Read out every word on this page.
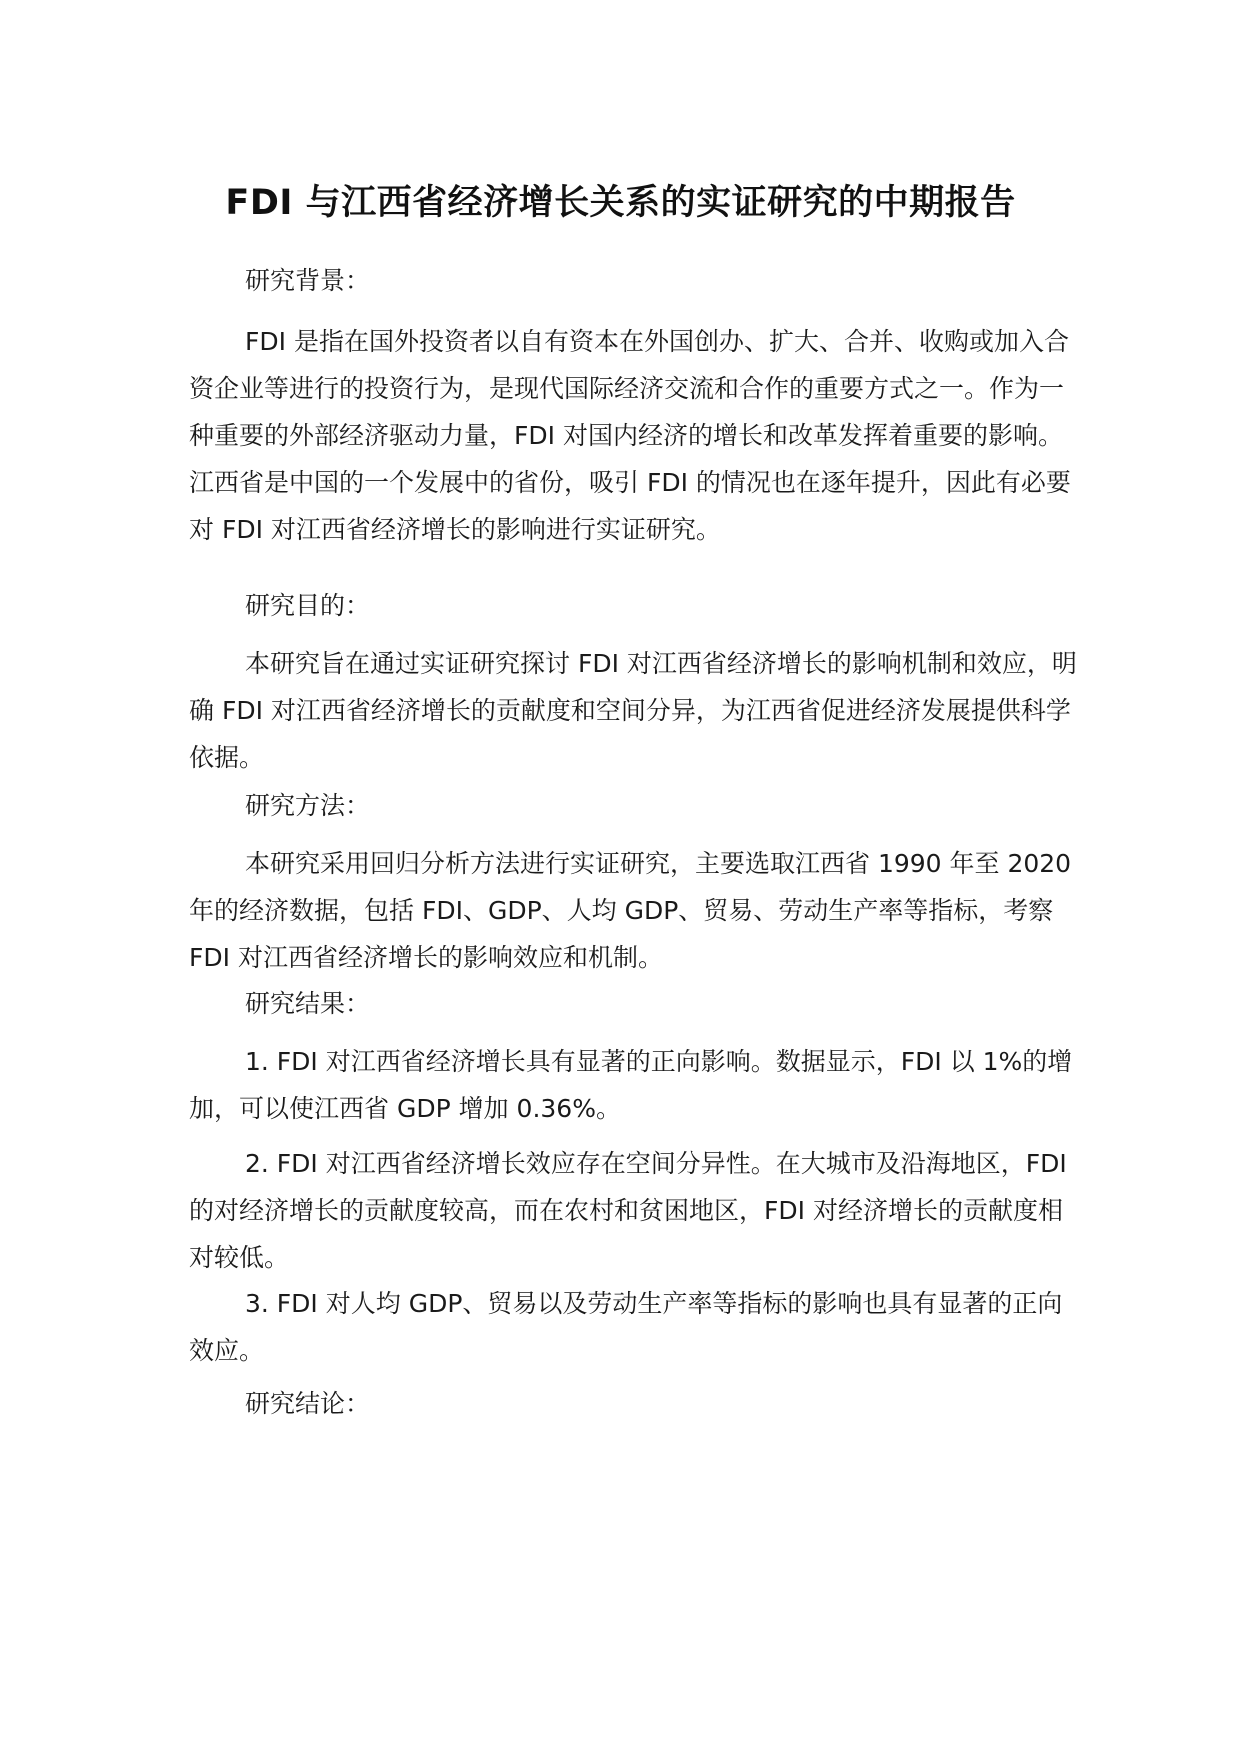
FDI 与江西省经济增长关系的实证研究的中期报告
研究背景：
FDI 是指在国外投资者以自有资本在外国创办、扩大、合并、收购或加入合资企业等进行的投资行为，是现代国际经济交流和合作的重要方式之一。作为一种重要的外部经济驱动力量，FDI 对国内经济的增长和改革发挥着重要的影响。江西省是中国的一个发展中的省份，吸引 FDI 的情况也在逐年提升，因此有必要对 FDI 对江西省经济增长的影响进行实证研究。
研究目的：
本研究旨在通过实证研究探讨 FDI 对江西省经济增长的影响机制和效应，明确 FDI 对江西省经济增长的贡献度和空间分异，为江西省促进经济发展提供科学依据。
研究方法：
本研究采用回归分析方法进行实证研究，主要选取江西省 1990 年至 2020 年的经济数据，包括 FDI、GDP、人均 GDP、贸易、劳动生产率等指标，考察 FDI 对江西省经济增长的影响效应和机制。
研究结果：
1. FDI 对江西省经济增长具有显著的正向影响。数据显示，FDI 以 1%的增加，可以使江西省 GDP 增加 0.36%。
2. FDI 对江西省经济增长效应存在空间分异性。在大城市及沿海地区，FDI 的对经济增长的贡献度较高，而在农村和贫困地区，FDI 对经济增长的贡献度相对较低。
3. FDI 对人均 GDP、贸易以及劳动生产率等指标的影响也具有显著的正向效应。
研究结论：
